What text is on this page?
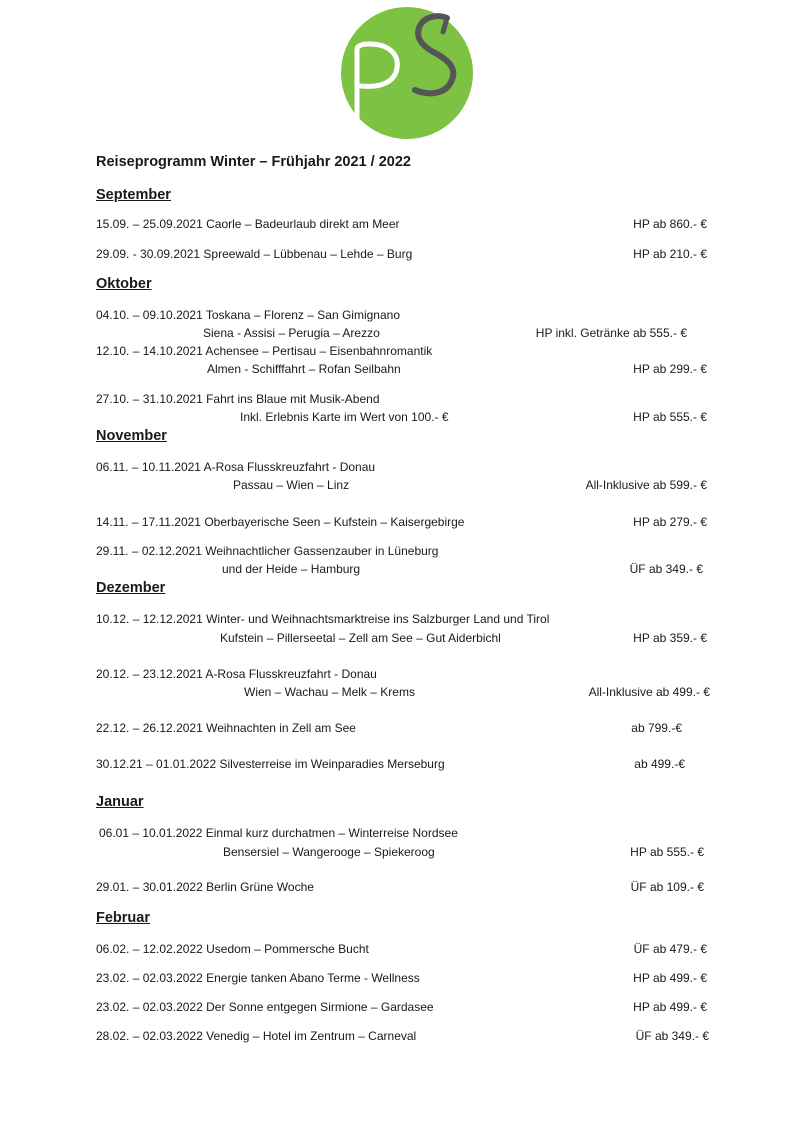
Reiseprogramm Winter – Frühjahr 2021 / 2022
September
15.09. – 25.09.2021 Caorle – Badeurlaub direkt am Meer	HP ab 860.- €
29.09. - 30.09.2021 Spreewald – Lübbenau – Lehde – Burg	HP ab 210.- €
Oktober
04.10. – 09.10.2021 Toskana – Florenz – San Gimignano
Siena - Assisi – Perugia – Arezzo	HP inkl. Getränke ab 555.- €
12.10. – 14.10.2021 Achensee – Pertisau – Eisenbahnromantik
Almen - Schifffahrt – Rofan Seilbahn	HP ab 299.- €
27.10. – 31.10.2021 Fahrt ins Blaue mit Musik-Abend
Inkl. Erlebnis Karte im Wert von 100.- €	HP ab 555.- €
November
06.11. – 10.11.2021 A-Rosa Flusskreuzfahrt - Donau
Passau – Wien – Linz	All-Inklusive ab 599.- €
14.11. – 17.11.2021 Oberbayerische Seen – Kufstein – Kaisergebirge	HP ab 279.- €
29.11. – 02.12.2021 Weihnachtlicher Gassenzauber in Lüneburg
und der Heide – Hamburg	ÜF ab 349.- €
Dezember
10.12. – 12.12.2021 Winter- und Weihnachtsmarktreise ins Salzburger Land und Tirol
Kufstein – Pillerseetal – Zell am See – Gut Aiderbichl	HP ab 359.- €
20.12. – 23.12.2021 A-Rosa Flusskreuzfahrt - Donau
Wien – Wachau – Melk – Krems	All-Inklusive ab 499.- €
22.12. – 26.12.2021 Weihnachten in Zell am See	ab 799.-€
30.12.21 – 01.01.2022 Silvesterreise im Weinparadies Merseburg	ab 499.-€
Januar
06.01 – 10.01.2022 Einmal kurz durchatmen – Winterreise Nordsee
Bensersiel – Wangerooge – Spiekeroog	HP ab 555.- €
29.01. – 30.01.2022 Berlin Grüne Woche	ÜF ab 109.- €
Februar
06.02. – 12.02.2022 Usedom – Pommersche Bucht	ÜF ab 479.- €
23.02. – 02.03.2022 Energie tanken Abano Terme - Wellness	HP ab 499.- €
23.02. – 02.03.2022 Der Sonne entgegen Sirmione – Gardasee	HP ab 499.- €
28.02. – 02.03.2022 Venedig – Hotel im Zentrum – Carneval	ÜF ab 349.- €
